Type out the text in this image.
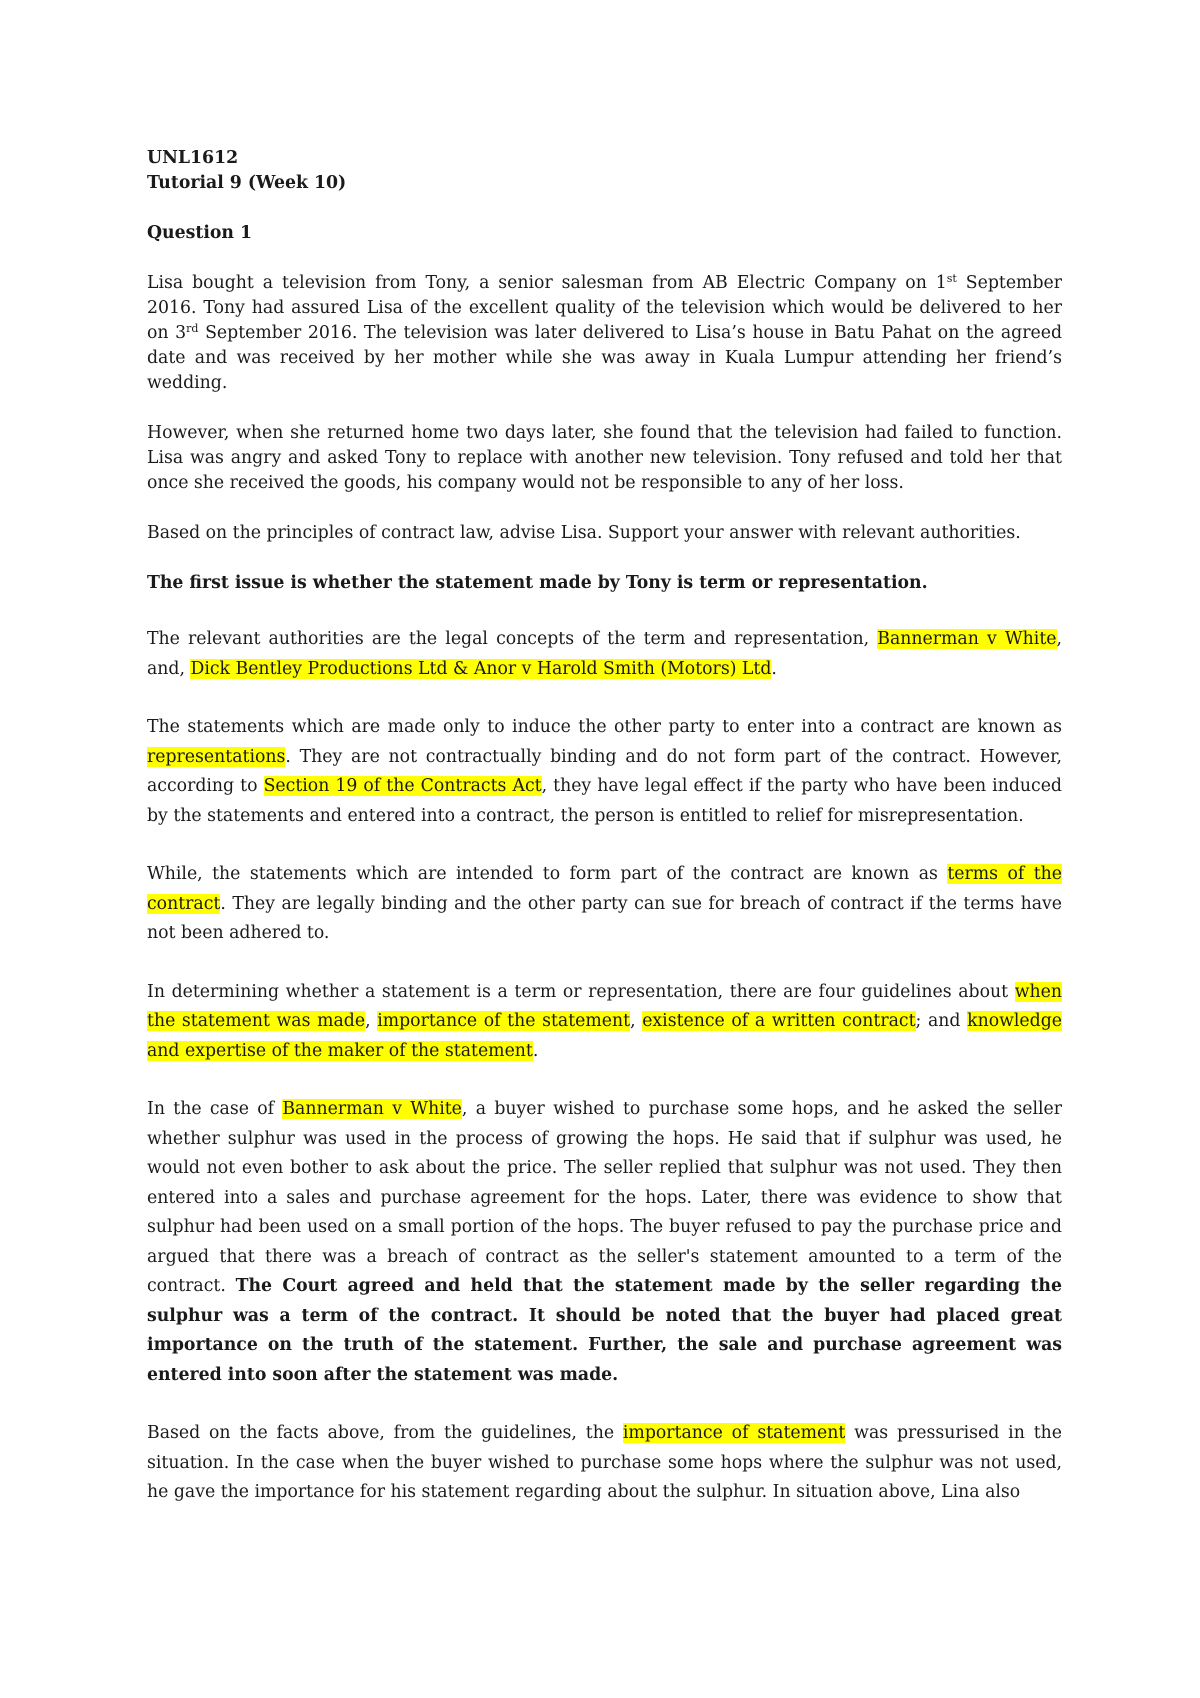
UNL1612

Tutorial 9 (Week 10)

Question 1

Lisa bought a television from Tony, a senior salesman from AB Electric Company on 1st September 2016. Tony had assured Lisa of the excellent quality of the television which would be delivered to her on 3rd September 2016. The television was later delivered to Lisa’s house in Batu Pahat on the agreed date and was received by her mother while she was away in Kuala Lumpur attending her friend’s wedding.

However, when she returned home two days later, she found that the television had failed to function. Lisa was angry and asked Tony to replace with another new television. Tony refused and told her that once she received the goods, his company would not be responsible to any of her loss.

Based on the principles of contract law, advise Lisa. Support your answer with relevant authorities.

The first issue is whether the statement made by Tony is term or representation.

The relevant authorities are the legal concepts of the term and representation, Bannerman v White, and, Dick Bentley Productions Ltd & Anor v Harold Smith (Motors) Ltd.

The statements which are made only to induce the other party to enter into a contract are known as representations. They are not contractually binding and do not form part of the contract. However, according to Section 19 of the Contracts Act, they have legal effect if the party who have been induced by the statements and entered into a contract, the person is entitled to relief for misrepresentation.

While, the statements which are intended to form part of the contract are known as terms of the contract. They are legally binding and the other party can sue for breach of contract if the terms have not been adhered to.

In determining whether a statement is a term or representation, there are four guidelines about when the statement was made, importance of the statement, existence of a written contract; and knowledge and expertise of the maker of the statement.

In the case of Bannerman v White, a buyer wished to purchase some hops, and he asked the seller whether sulphur was used in the process of growing the hops. He said that if sulphur was used, he would not even bother to ask about the price. The seller replied that sulphur was not used. They then entered into a sales and purchase agreement for the hops. Later, there was evidence to show that sulphur had been used on a small portion of the hops. The buyer refused to pay the purchase price and argued that there was a breach of contract as the seller's statement amounted to a term of the contract. The Court agreed and held that the statement made by the seller regarding the sulphur was a term of the contract. It should be noted that the buyer had placed great importance on the truth of the statement. Further, the sale and purchase agreement was entered into soon after the statement was made.

Based on the facts above, from the guidelines, the importance of statement was pressurised in the situation. In the case when the buyer wished to purchase some hops where the sulphur was not used, he gave the importance for his statement regarding about the sulphur. In situation above, Lina also
